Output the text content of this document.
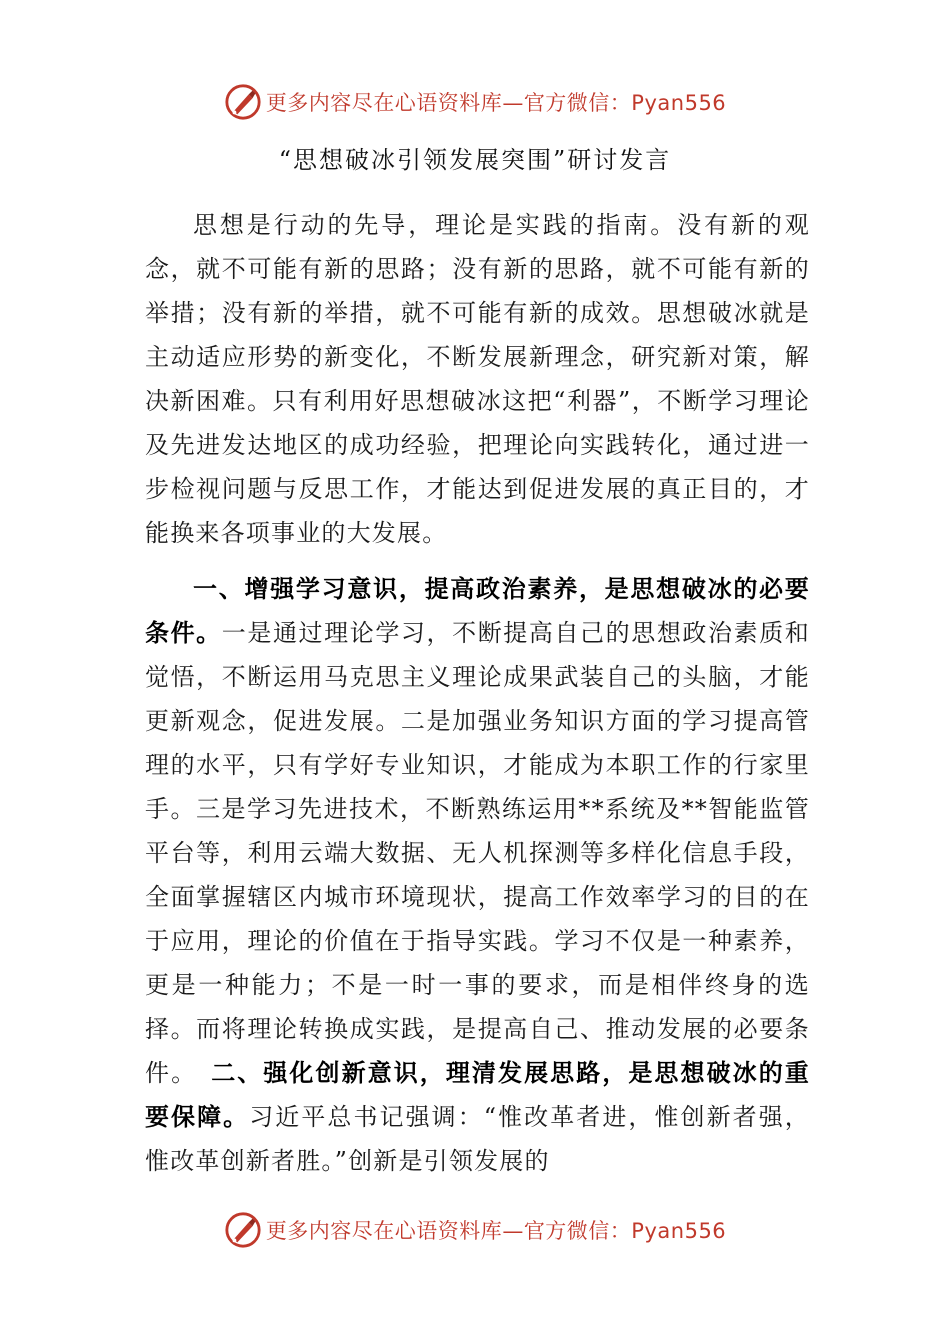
更多内容尽在心语资料库—官方微信：Pyan556
“思想破冰引领发展突围”研讨发言

思想是行动的先导，理论是实践的指南。没有新的观念，就不可能有新的思路；没有新的思路，就不可能有新的举措；没有新的举措，就不可能有新的成效。思想破冰就是主动适应形势的新变化，不断发展新理念，研究新对策，解决新困难。只有利用好思想破冰这把“利器”，不断学习理论及先进发达地区的成功经验，把理论向实践转化，通过进一步检视问题与反思工作，才能达到促进发展的真正目的，才能换来各项事业的大发展。

一、增强学习意识，提高政治素养，是思想破冰的必要条件。一是通过理论学习，不断提高自己的思想政治素质和觉悟，不断运用马克思主义理论成果武装自己的头脑，才能更新观念，促进发展。二是加强业务知识方面的学习提高管理的水平，只有学好专业知识，才能成为本职工作的行家里手。三是学习先进技术，不断熟练运用**系统及**智能监管平台等，利用云端大数据、无人机探测等多样化信息手段，全面掌握辖区内城市环境现状，提高工作效率学习的目的在于应用，理论的价值在于指导实践。学习不仅是一种素养，更是一种能力；不是一时一事的要求，而是相伴终身的选择。而将理论转换成实践，是提高自己、推动发展的必要条件。　二、强化创新意识，理清发展思路，是思想破冰的重要保障。习近平总书记强调：“惟改革者进，惟创新者强，惟改革创新者胜。”创新是引领发展的

更多内容尽在心语资料库—官方微信：Pyan556
